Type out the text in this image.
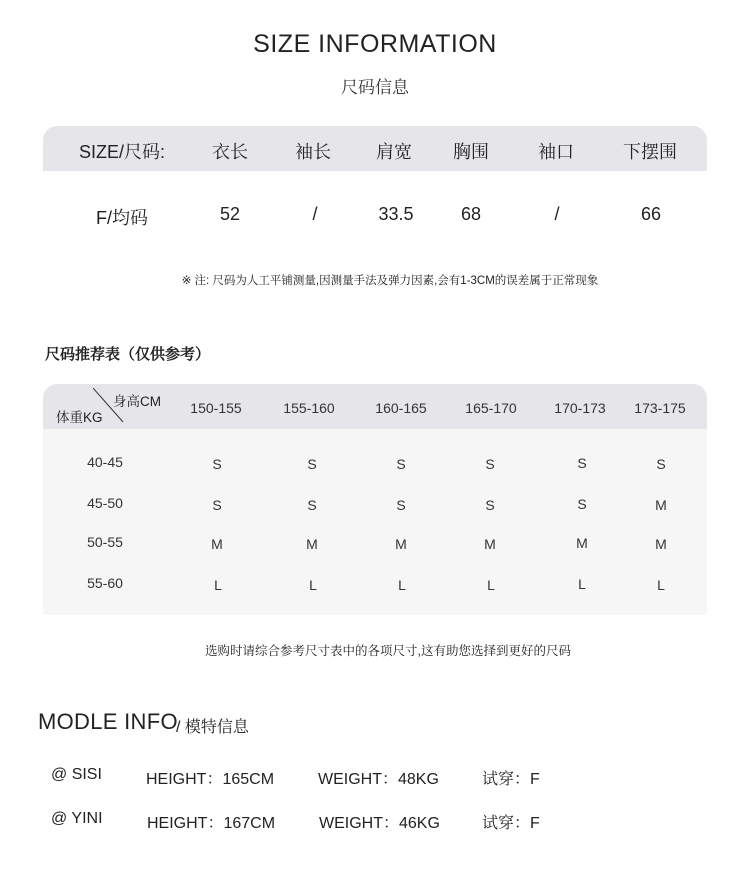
SIZE INFORMATION
尺码信息
SIZE/尺码:	衣长	袖长	肩宽 胸围	袖口	下摆围
F/均码	52	/	33.5	68	/	66
※ 注: 尺码为人工平铺测量,因测量手法及弹力因素,会有1-3CM的误差属于正常现象
尺码推荐表（仅供参考）
身高CM
体重KG
150-155	155-160	160-165	165-170	170-173 173-175
40-45	S	S	S	S	S	S
45-50	S	S	S	S	S	M
50-55	M	M	M	M	M	M
55-60	L	L	L	L	L	L
选购时请综合参考尺寸表中的各项尺寸,这有助您选择到更好的尺码
MODLE INFO
/ 模特信息
@ SISI	HEIGHT：165CM	WEIGHT：48KG	试穿：F
@ YINI	HEIGHT：167CM	WEIGHT：46KG	试穿：F
